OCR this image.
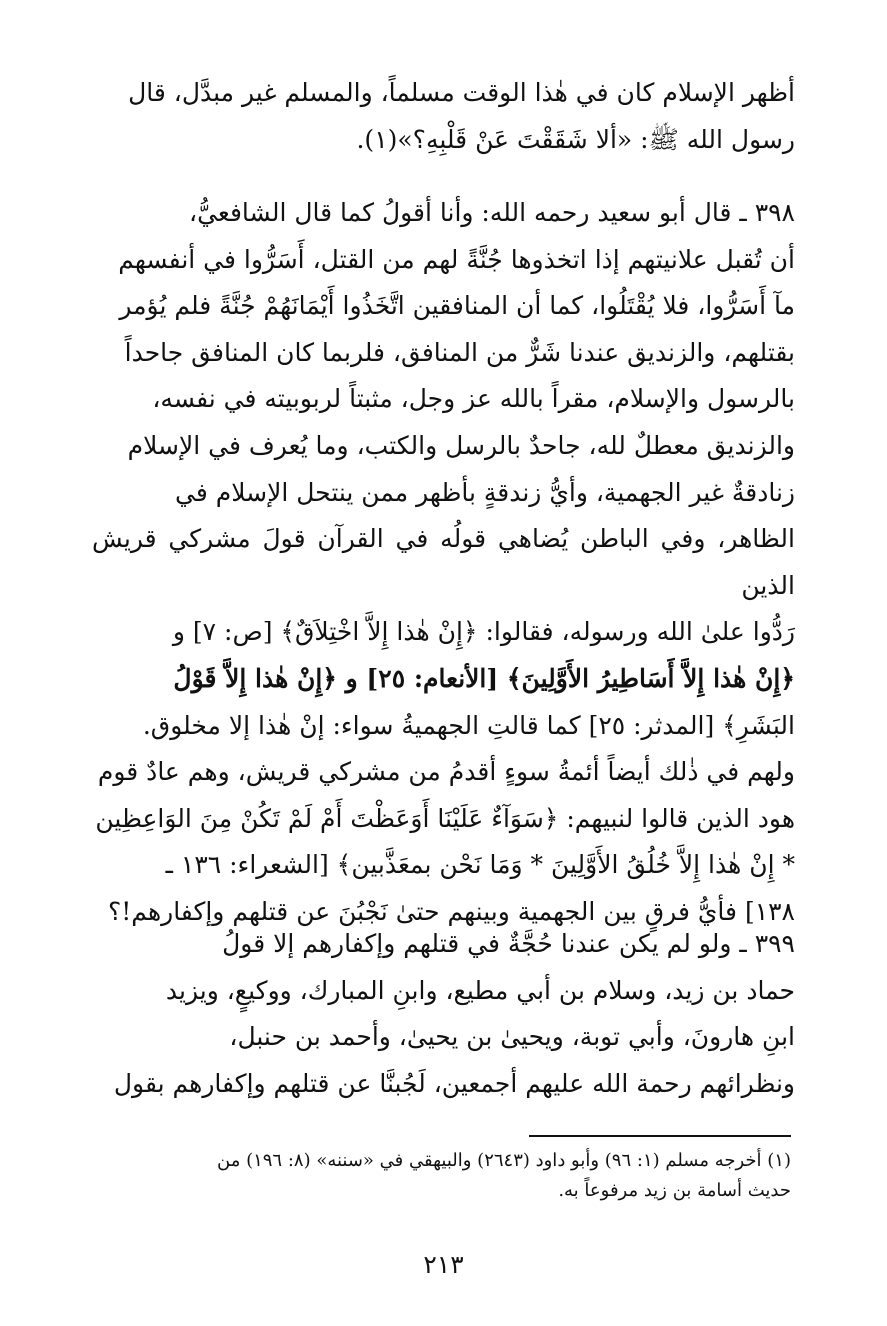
أظهر الإسلام كان في هٰذا الوقت مسلماً، والمسلم غير مبدَّل، قال

رسول الله ﷺ: «ألا شَقَقْتَ عَنْ قَلْبِهِ؟»(١).

٣٩٨ ـ قال أبو سعيد رحمه الله: وأنا أقولُ كما قال الشافعيُّ،

أن تُقبل علانيتهم إذا اتخذوها جُنَّةً لهم من القتل، أَسَرُّوا في أنفسهم

مآ أَسَرُّوا، فلا يُقْتَلُوا، كما أن المنافقين اتَّخَذُوا أَيْمَانَهُمْ جُنَّةً فلم يُؤمر

بقتلهم، والزنديق عندنا شَرٌّ من المنافق، فلربما كان المنافق جاحداً

بالرسول والإسلام، مقراً بالله عز وجل، مثبتاً لربوبيته في نفسه،

والزنديق معطلٌ لله، جاحدٌ بالرسل والكتب، وما يُعرف في الإسلام

زنادقةٌ غير الجهمية، وأيُّ زندقةٍ بأظهر ممن ينتحل الإسلام في

الظاهر، وفي الباطن يُضاهي قولُه في القرآن قولَ مشركي قريش الذين

رَدُّوا علىٰ الله ورسوله، فقالوا: ﴿إِنْ هٰذا إِلاَّ اخْتِلاَقٌ﴾ [ص: ٧] و

﴿إِنْ هٰذا إِلاَّ أَسَاطِيرُ الأَوَّلِينَ﴾ [الأنعام: ٢٥] و ﴿إِنْ هٰذا إِلاَّ قَوْلُ

البَشَرِ﴾ [المدثر: ٢٥] كما قالتِ الجهميةُ سواء: إنْ هٰذا إلا مخلوق.

ولهم في ذٰلك أيضاً أئمةُ سوءٍ أقدمُ من مشركي قريش، وهم عادٌ قوم

هود الذين قالوا لنبيهم: ﴿سَوَآءٌ عَلَيْنَا أَوَعَظْتَ أَمْ لَمْ تَكُنْ مِنَ الوَاعِظِين

* إِنْ هٰذا إِلاَّ خُلُقُ الأَوَّلِينَ * وَمَا نَحْن بمعَذَّبين﴾ [الشعراء: ١٣٦ ـ

١٣٨] فأيُّ فرقٍ بين الجهمية وبينهم حتىٰ نَجْبُنَ عن قتلهم وإكفارهم!؟

٣٩٩ ـ ولو لم يكن عندنا حُجَّةٌ في قتلهم وإكفارهم إلا قولُ

حماد بن زيد، وسلام بن أبي مطيع، وابنِ المبارك، ووكيعٍ، ويزيد

ابنِ هارونَ، وأبي توبة، ويحيىٰ بن يحيىٰ، وأحمد بن حنبل،

ونظرائهم رحمة الله عليهم أجمعين، لَجُبنَّا عن قتلهم وإكفارهم بقول

(١) أخرجه مسلم (١: ٩٦) وأبو داود (٢٦٤٣) والبيهقي في «سننه» (٨: ١٩٦) من

حديث أسامة بن زيد مرفوعاً به.

٢١٣
